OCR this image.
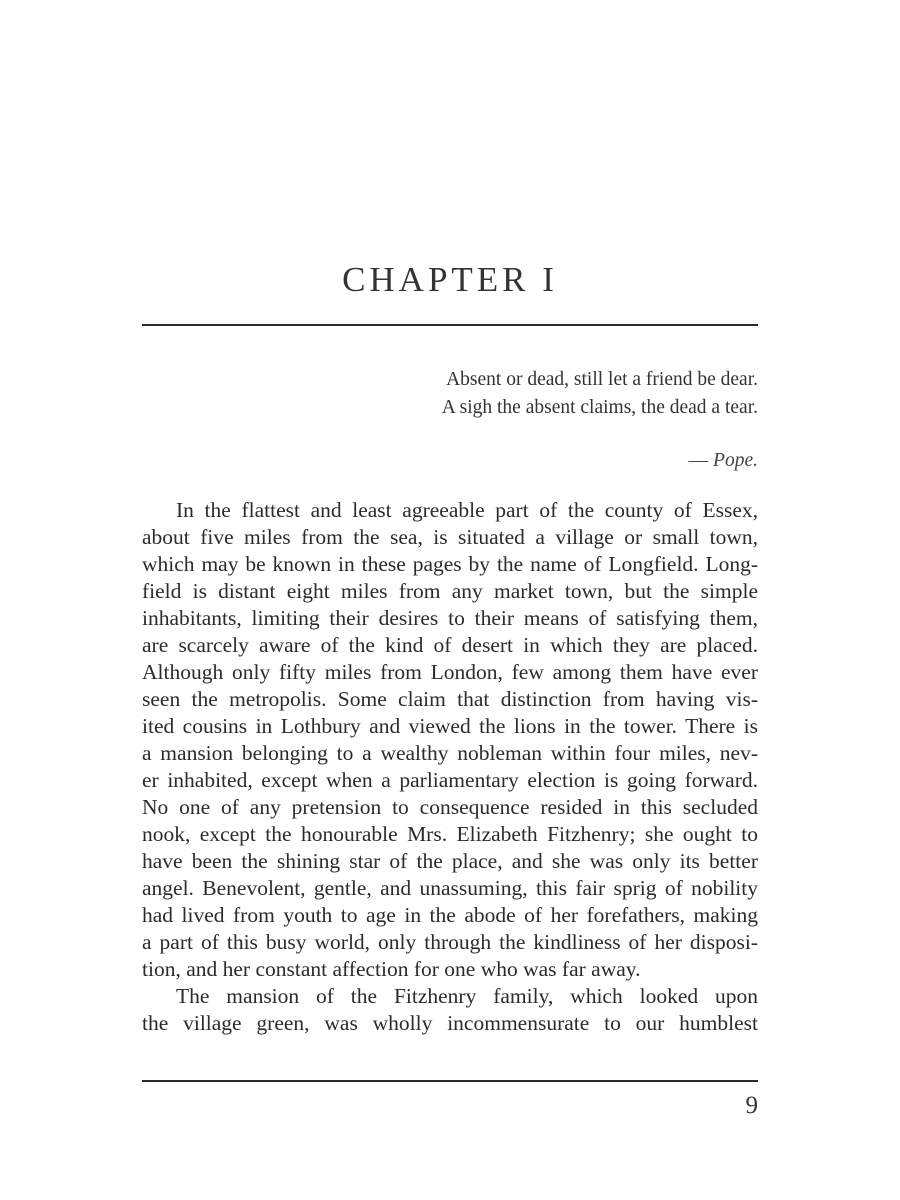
CHAPTER I
Absent or dead, still let a friend be dear.
A sigh the absent claims, the dead a tear.
— Pope.
In the flattest and least agreeable part of the county of Essex,
about five miles from the sea, is situated a village or small town,
which may be known in these pages by the name of Longfield. Long-
field is distant eight miles from any market town, but the simple
inhabitants, limiting their desires to their means of satisfying them,
are scarcely aware of the kind of desert in which they are placed.
Although only fifty miles from London, few among them have ever
seen the metropolis. Some claim that distinction from having vis-
ited cousins in Lothbury and viewed the lions in the tower. There is
a mansion belonging to a wealthy nobleman within four miles, nev-
er inhabited, except when a parliamentary election is going forward.
No one of any pretension to consequence resided in this secluded
nook, except the honourable Mrs. Elizabeth Fitzhenry; she ought to
have been the shining star of the place, and she was only its better
angel. Benevolent, gentle, and unassuming, this fair sprig of nobility
had lived from youth to age in the abode of her forefathers, making
a part of this busy world, only through the kindliness of her disposi-
tion, and her constant affection for one who was far away.
The mansion of the Fitzhenry family, which looked upon
the village green, was wholly incommensurate to our humblest
9
